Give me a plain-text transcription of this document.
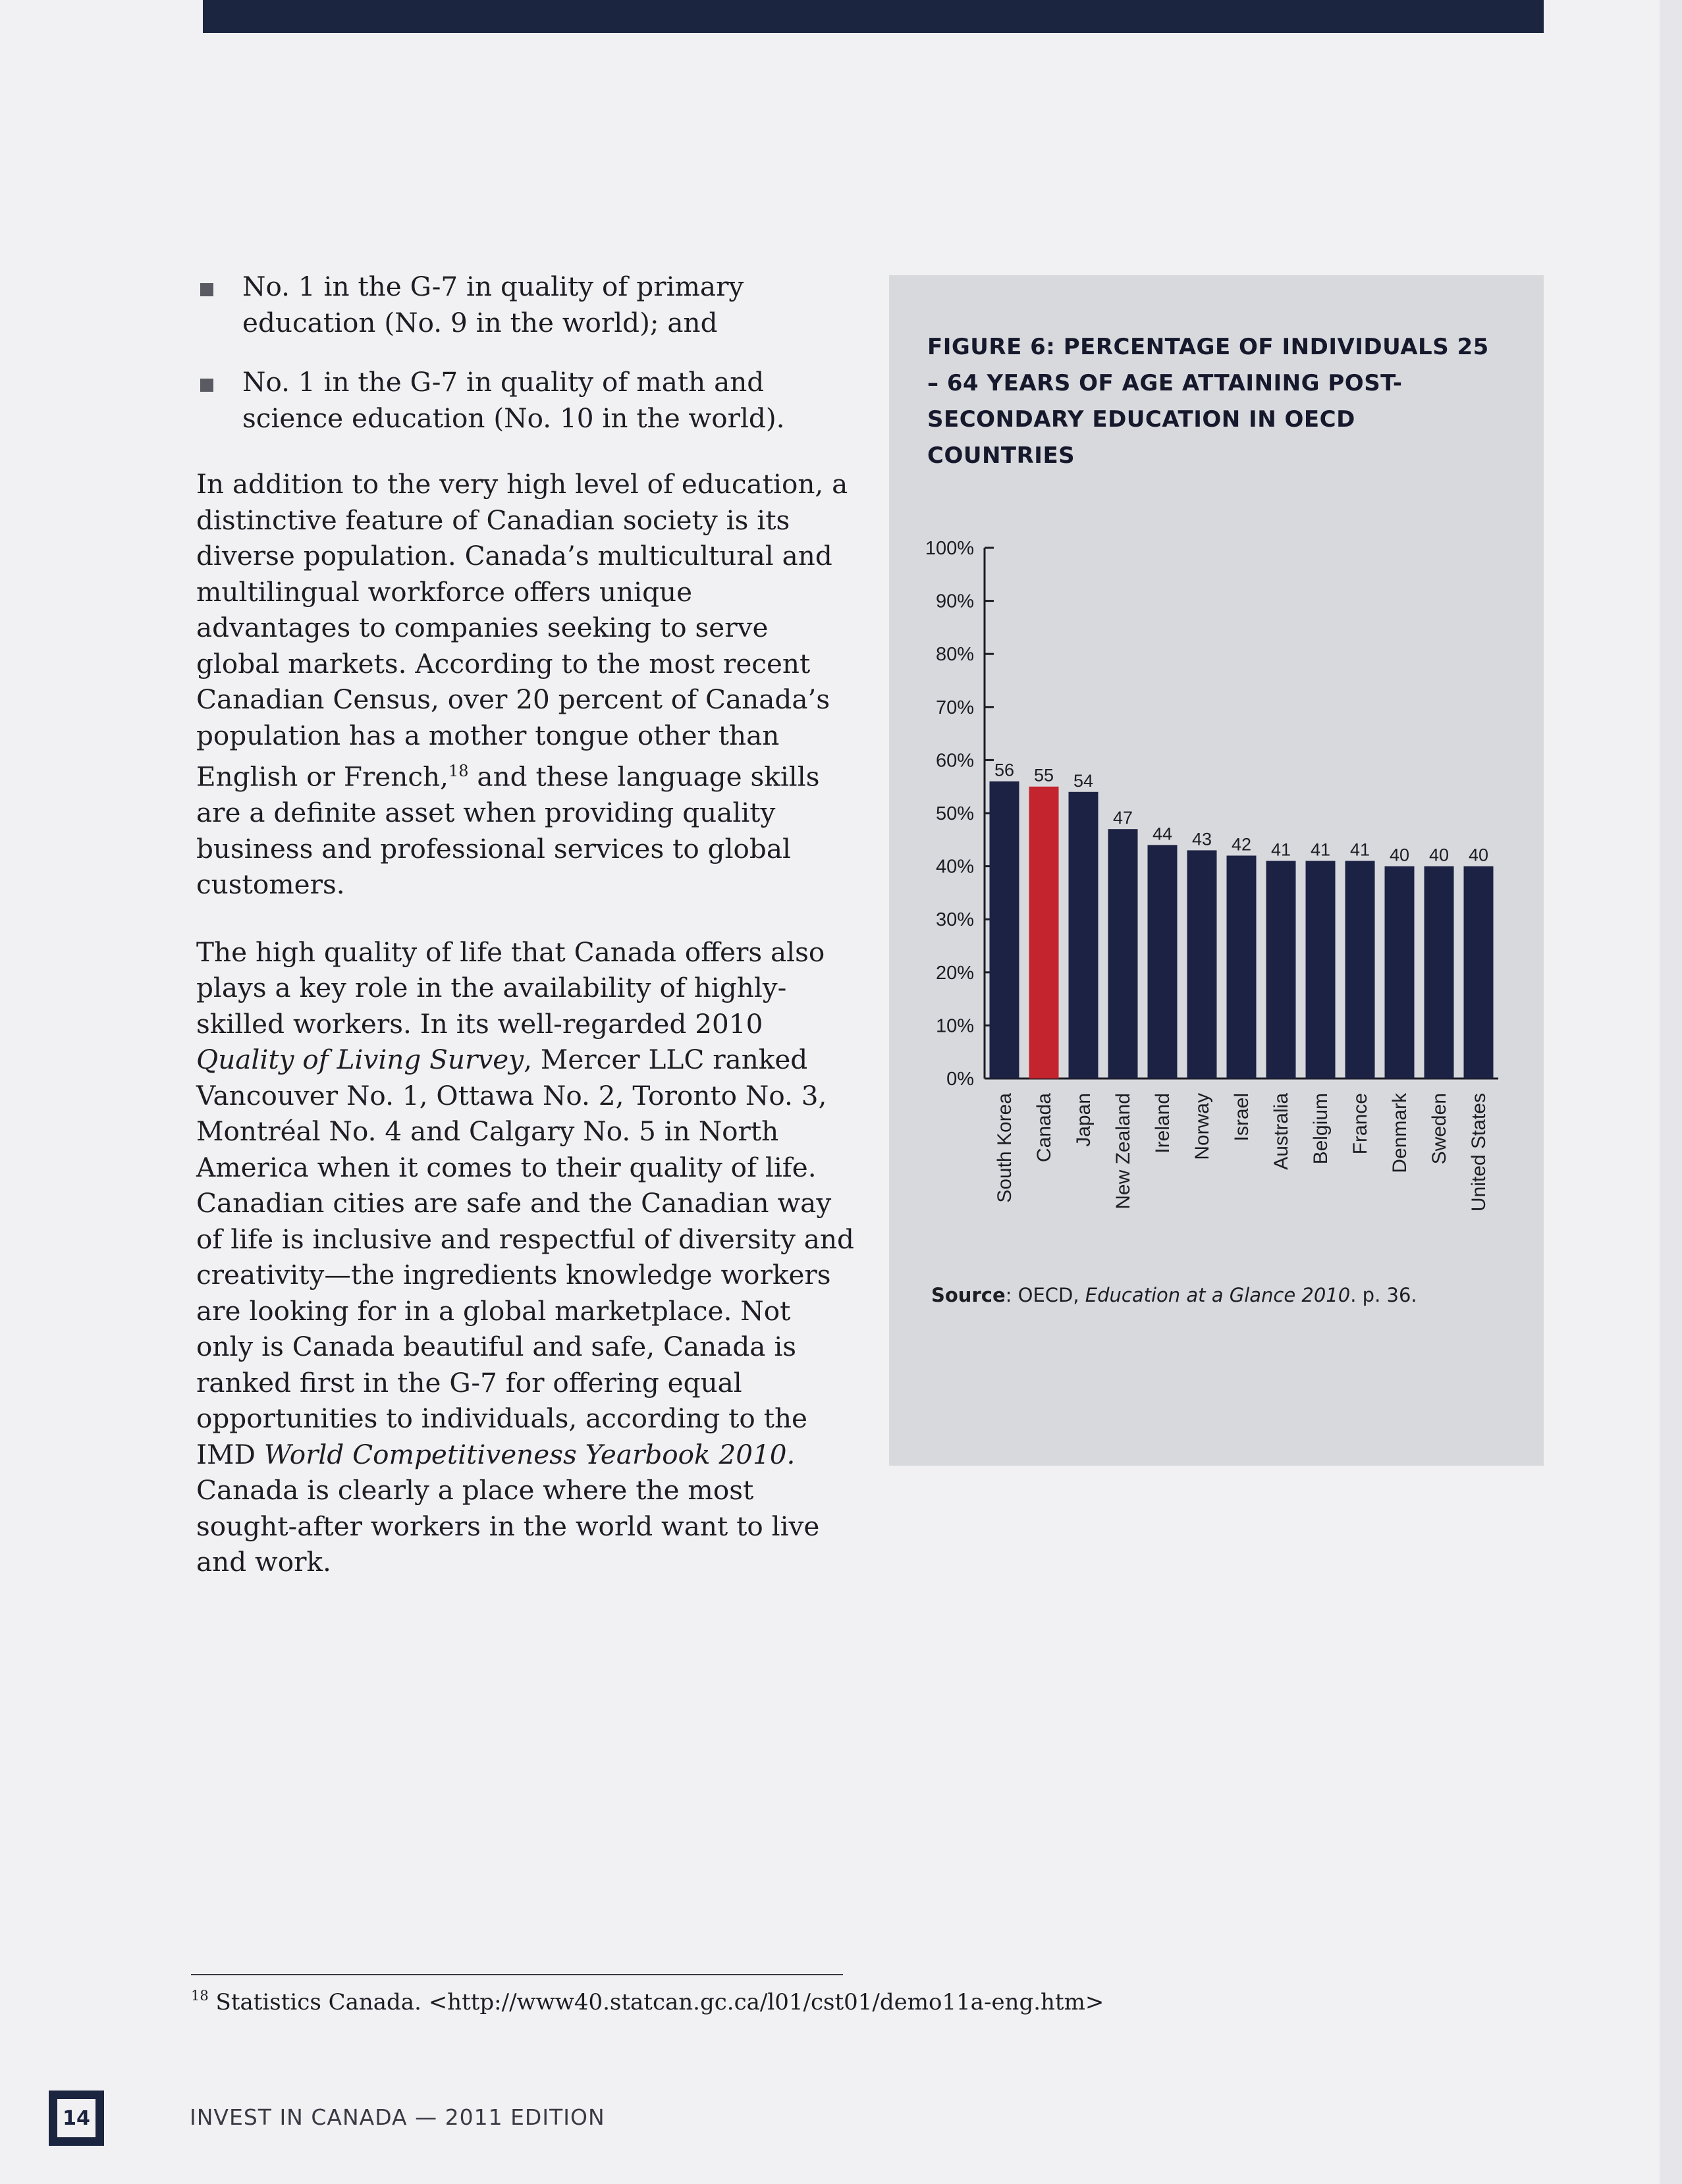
No. 1 in the G-7 in quality of primary education (No. 9 in the world); and
No. 1 in the G-7 in quality of math and science education (No. 10 in the world).

In addition to the very high level of education, a distinctive feature of Canadian society is its diverse population. Canada’s multicultural and multilingual workforce offers unique advantages to companies seeking to serve global markets. According to the most recent Canadian Census, over 20 percent of Canada’s population has a mother tongue other than English or French,$^{18}$ and these language skills are a definite asset when providing quality business and professional services to global customers.

The high quality of life that Canada offers also plays a key role in the availability of highly-skilled workers. In its well-regarded 2010 Quality of Living Survey, Mercer LLC ranked Vancouver No. 1, Ottawa No. 2, Toronto No. 3, Montréal No. 4 and Calgary No. 5 in North America when it comes to their quality of life. Canadian cities are safe and the Canadian way of life is inclusive and respectful of diversity and creativity—the ingredients knowledge workers are looking for in a global marketplace. Not only is Canada beautiful and safe, Canada is ranked first in the G-7 for offering equal opportunities to individuals, according to the IMD World Competitiveness Yearbook 2010. Canada is clearly a place where the most sought-after workers in the world want to live and work.

FIGURE 6: PERCENTAGE OF INDIVIDUALS 25 – 64 YEARS OF AGE ATTAINING POST-SECONDARY EDUCATION IN OECD COUNTRIES
0%
10%
20%
30%
40%
50%
60%
70%
80%
90%
100%
56
South Korea
55
Canada
54
Japan
47
New Zealand
44
Ireland
43
Norway
42
Israel
41
Australia
41
Belgium
41
France
40
Denmark
40
Sweden
40
United States
Source: OECD, Education at a Glance 2010. p. 36.
$^{18}$ Statistics Canada. <http://www40.statcan.gc.ca/l01/cst01/demo11a-eng.htm>
14	INVEST IN CANADA — 2011 EDITION
